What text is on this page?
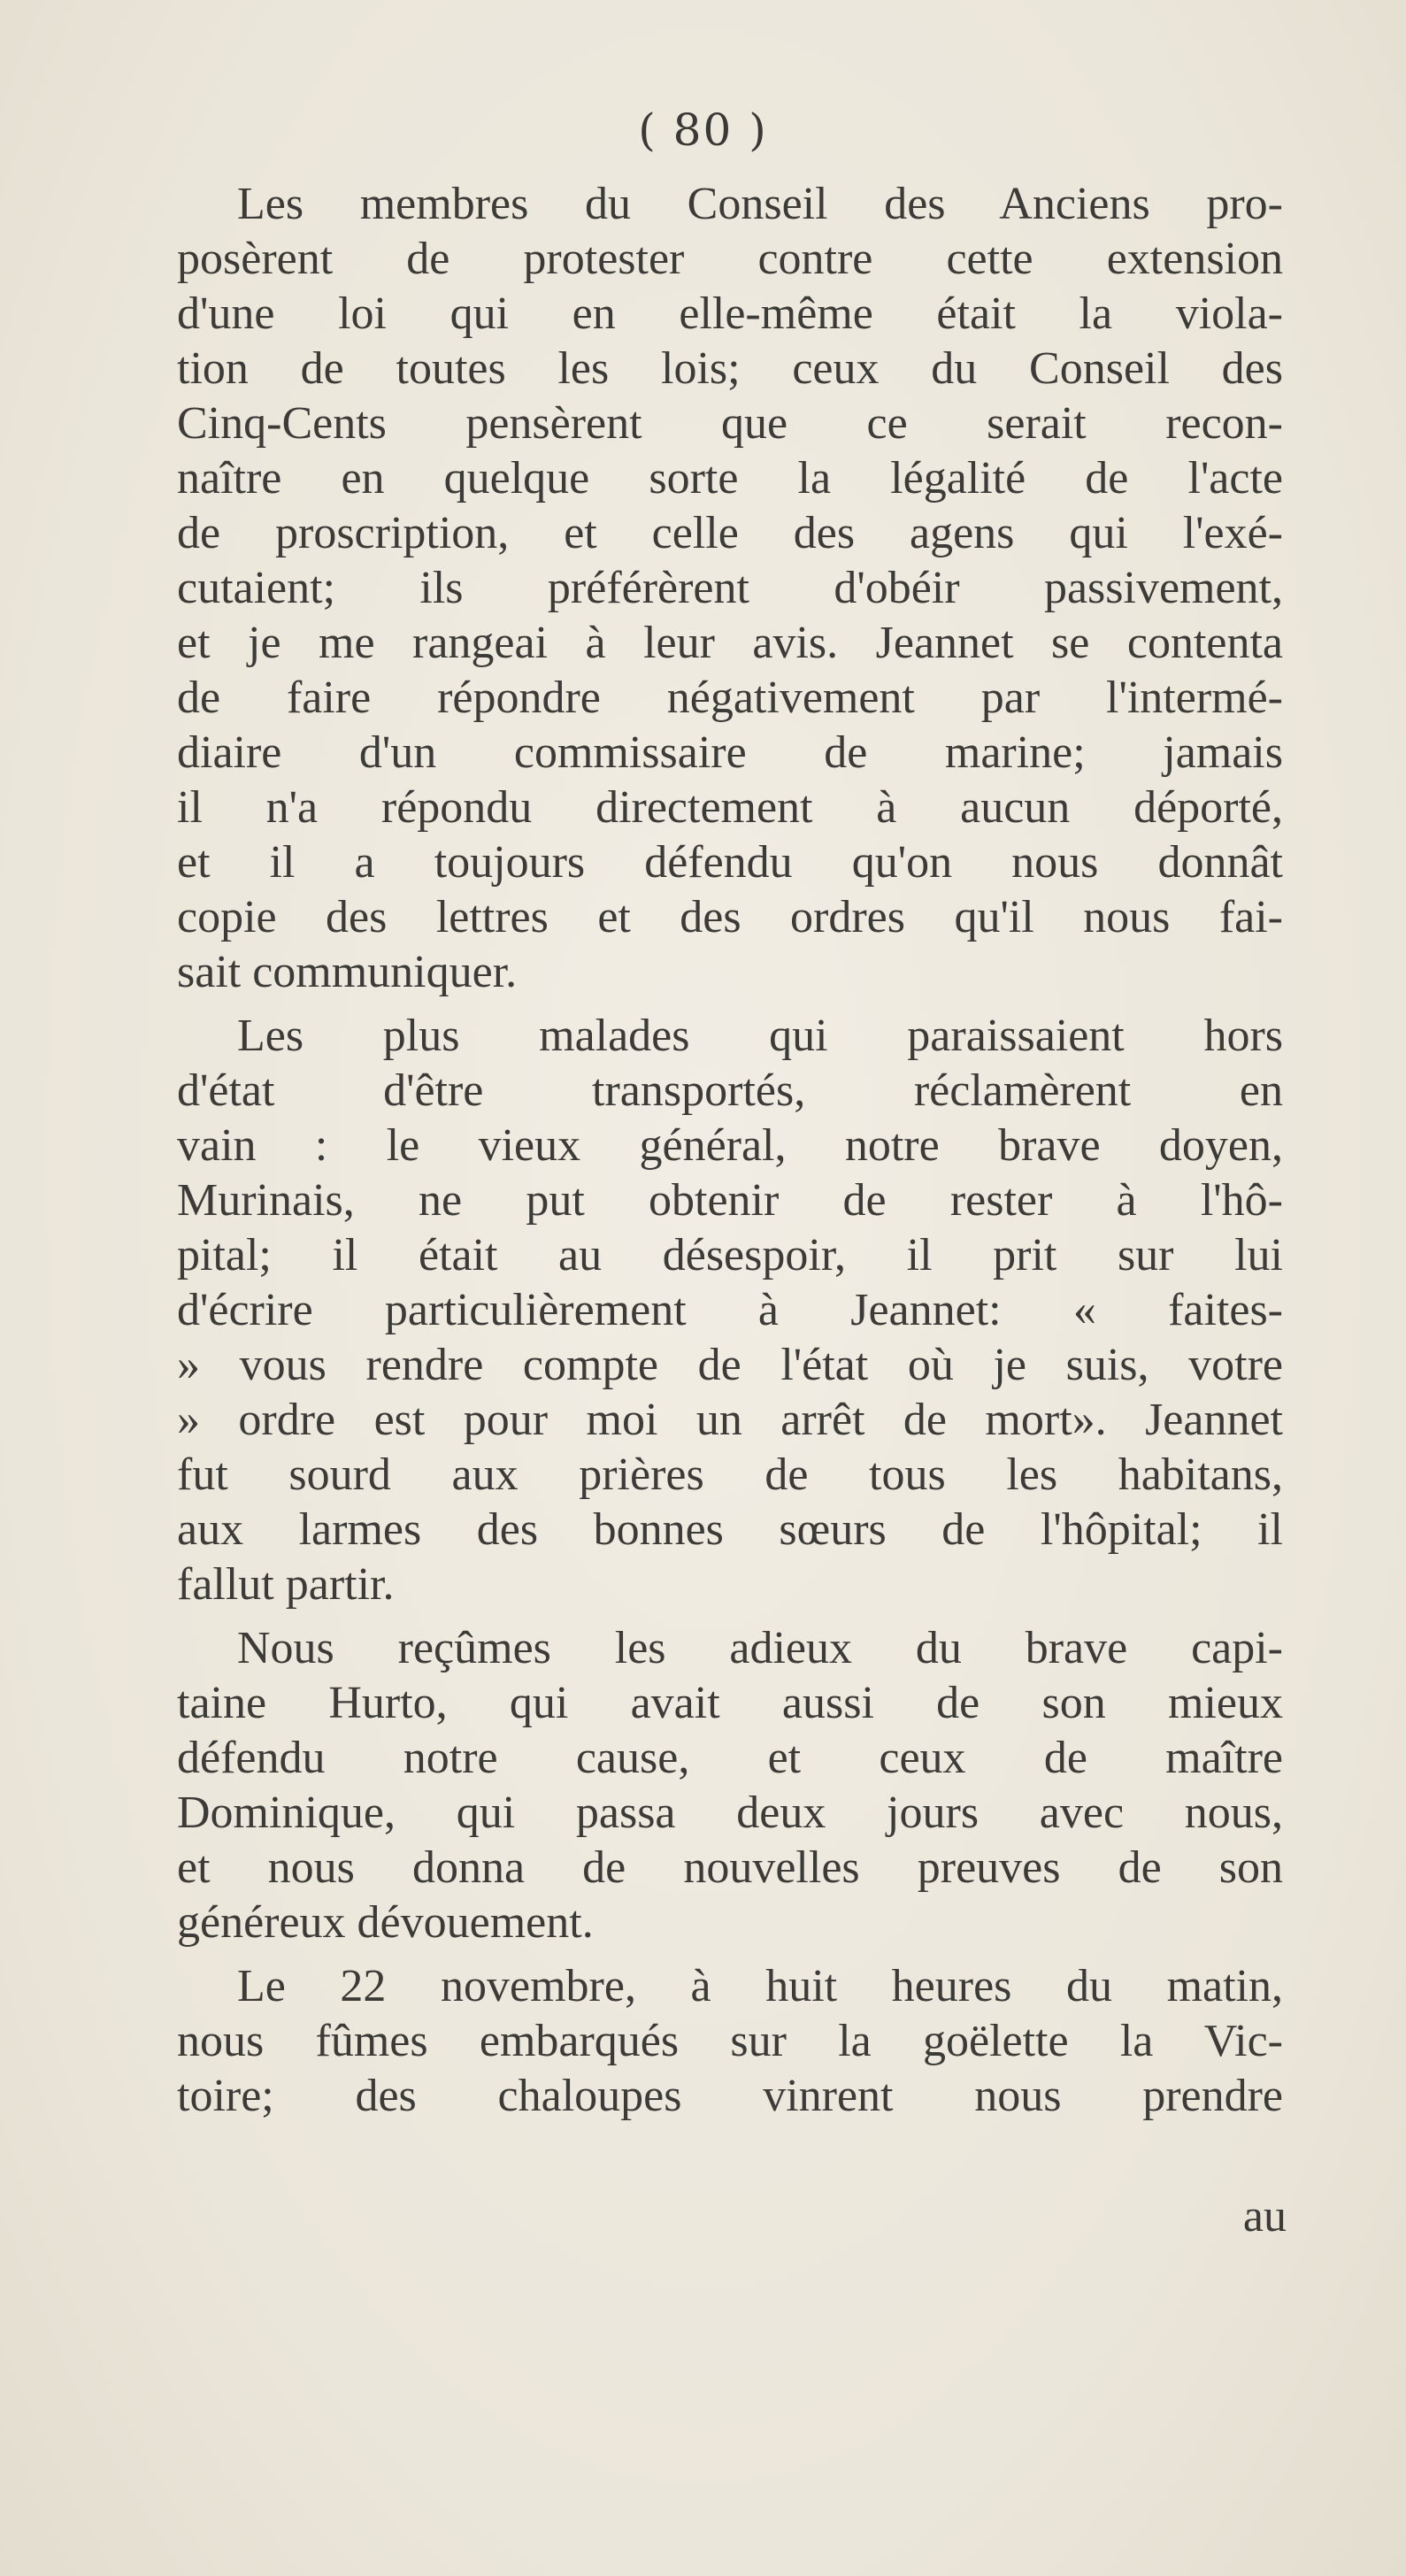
( 80 )
Les membres du Conseil des Anciens pro-
posèrent de protester contre cette extension
d'une loi qui en elle-même était la viola-
tion de toutes les lois; ceux du Conseil des
Cinq-Cents pensèrent que ce serait recon-
naître en quelque sorte la légalité de l'acte
de proscription, et celle des agens qui l'exé-
cutaient; ils préférèrent d'obéir passivement,
et je me rangeai à leur avis. Jeannet se contenta
de faire répondre négativement par l'intermé-
diaire d'un commissaire de marine; jamais
il n'a répondu directement à aucun déporté,
et il a toujours défendu qu'on nous donnât
copie des lettres et des ordres qu'il nous fai-
sait communiquer.
Les plus malades qui paraissaient hors
d'état d'être transportés, réclamèrent en
vain : le vieux général, notre brave doyen,
Murinais, ne put obtenir de rester à l'hô-
pital; il était au désespoir, il prit sur lui
d'écrire particulièrement à Jeannet: « faites-
» vous rendre compte de l'état où je suis, votre
» ordre est pour moi un arrêt de mort». Jeannet
fut sourd aux prières de tous les habitans,
aux larmes des bonnes sœurs de l'hôpital; il
fallut partir.
Nous reçûmes les adieux du brave capi-
taine Hurto, qui avait aussi de son mieux
défendu notre cause, et ceux de maître
Dominique, qui passa deux jours avec nous,
et nous donna de nouvelles preuves de son
généreux dévouement.
Le 22 novembre, à huit heures du matin,
nous fûmes embarqués sur la goëlette la Vic-
toire; des chaloupes vinrent nous prendre
au
